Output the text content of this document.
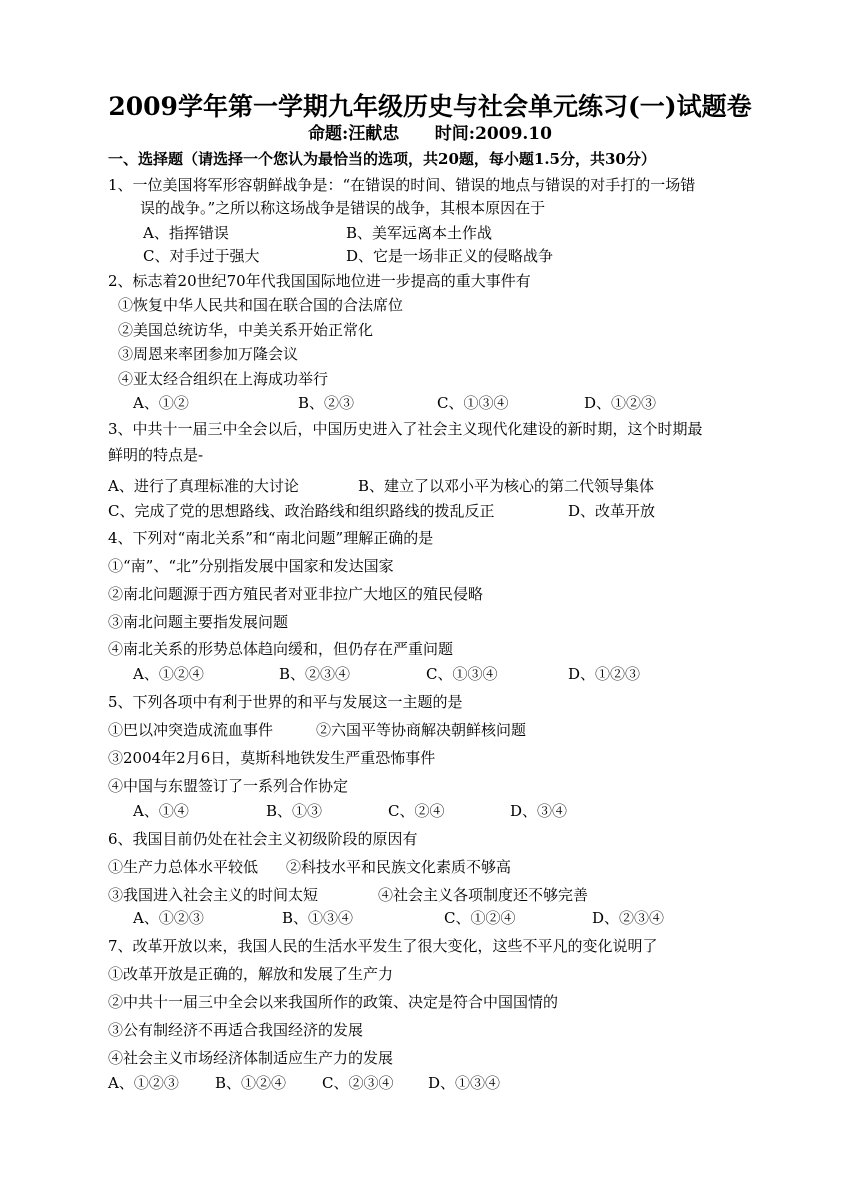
2009学年第一学期九年级历史与社会单元练习(一)试题卷
命题:汪献忠      时间:2009.10
一、选择题（请选择一个您认为最恰当的选项，共20题，每小题1.5分，共30分）
1、一位美国将军形容朝鲜战争是：“在错误的时间、错误的地点与错误的对手打的一场错
误的战争。”之所以称这场战争是错误的战争，其根本原因在于
A、指挥错误	B、美军远离本土作战
C、对手过于强大	D、它是一场非正义的侵略战争
2、标志着20世纪70年代我国国际地位进一步提高的重大事件有
①恢复中华人民共和国在联合国的合法席位
②美国总统访华，中美关系开始正常化
③周恩来率团参加万隆会议
④亚太经合组织在上海成功举行
A、①②	B、②③	C、①③④	D、①②③
3、中共十一届三中全会以后，中国历史进入了社会主义现代化建设的新时期，这个时期最
鲜明的特点是-
A、进行了真理标准的大讨论	B、建立了以邓小平为核心的第二代领导集体
C、完成了党的思想路线、政治路线和组织路线的拨乱反正	D、改革开放
4、下列对“南北关系”和“南北问题”理解正确的是
①“南”、“北”分别指发展中国家和发达国家
②南北问题源于西方殖民者对亚非拉广大地区的殖民侵略
③南北问题主要指发展问题
④南北关系的形势总体趋向缓和，但仍存在严重问题
A、①②④	B、②③④	C、①③④	D、①②③
5、下列各项中有利于世界的和平与发展这一主题的是
①巴以冲突造成流血事件	②六国平等协商解决朝鲜核问题
③2004年2月6日，莫斯科地铁发生严重恐怖事件
④中国与东盟签订了一系列合作协定
A、①④	B、①③	C、②④	D、③④
6、我国目前仍处在社会主义初级阶段的原因有
①生产力总体水平较低 ②科技水平和民族文化素质不够高
③我国进入社会主义的时间太短	④社会主义各项制度还不够完善
A、①②③	B、①③④	C、①②④	D、②③④
7、改革开放以来，我国人民的生活水平发生了很大变化，这些不平凡的变化说明了
①改革开放是正确的，解放和发展了生产力
②中共十一届三中全会以来我国所作的政策、决定是符合中国国情的
③公有制经济不再适合我国经济的发展
④社会主义市场经济体制适应生产力的发展
A、①②③ B、①②④ C、②③④ D、①③④
